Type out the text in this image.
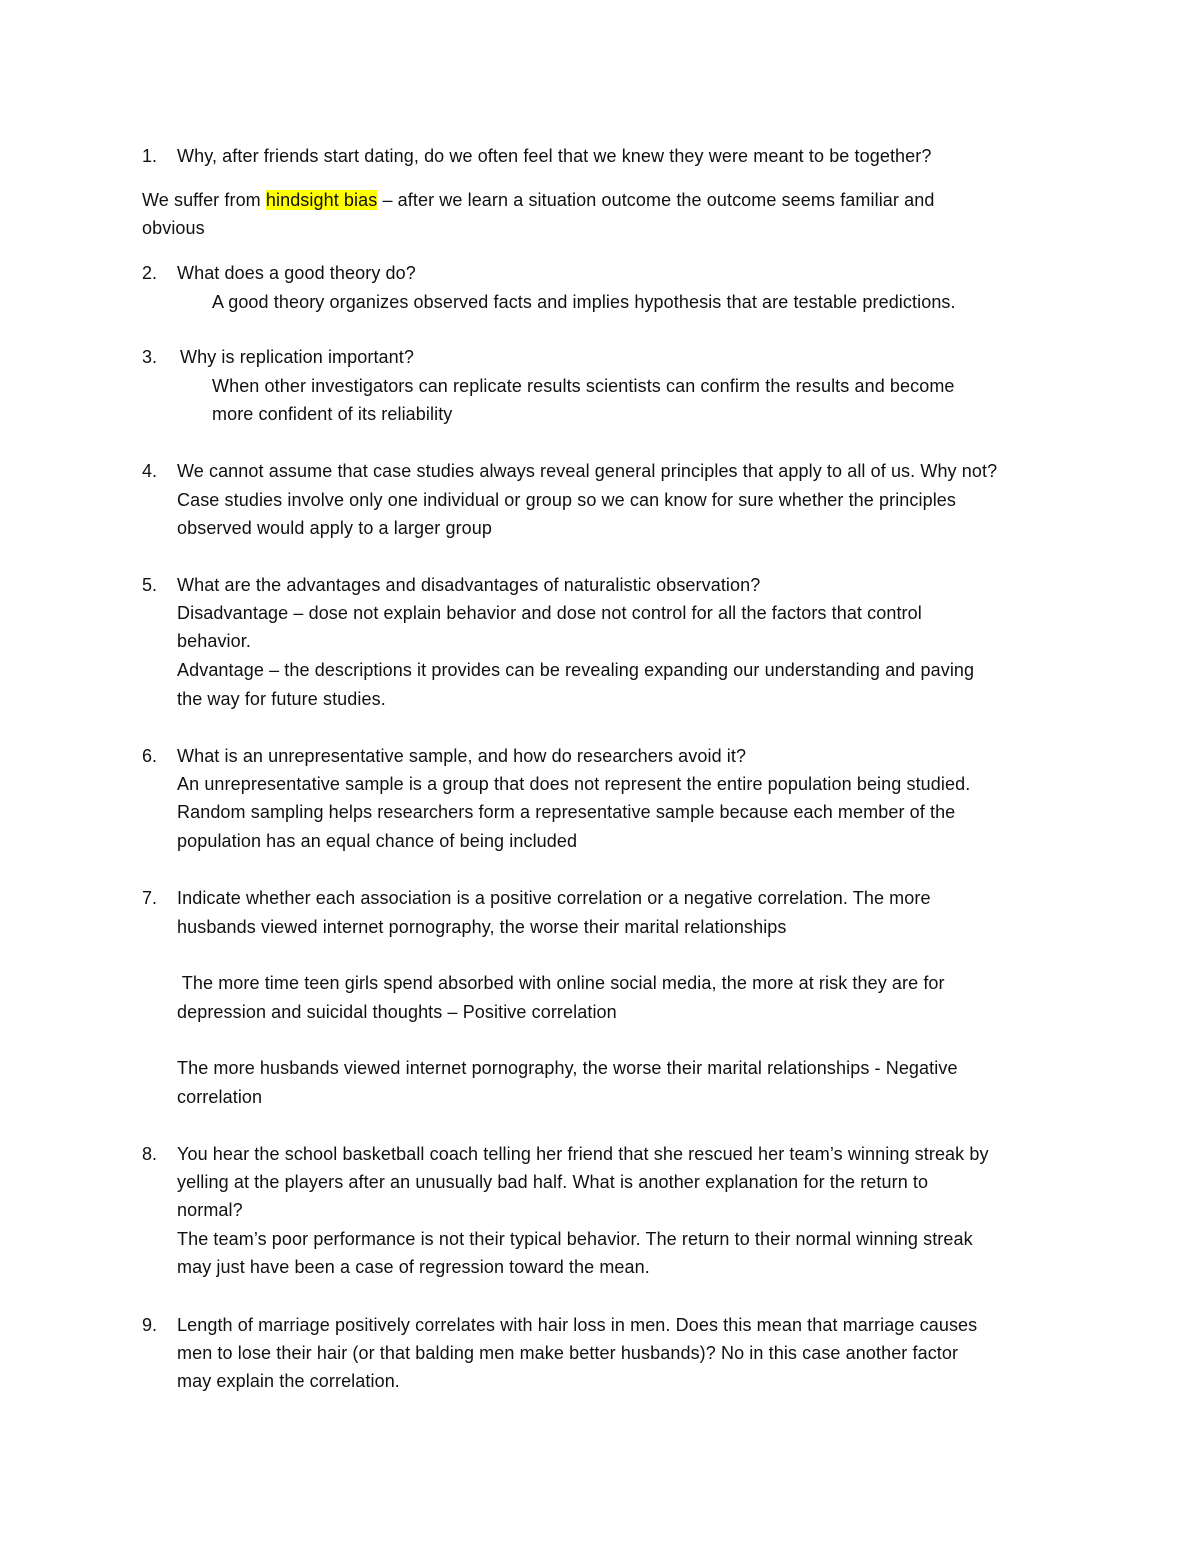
1. Why, after friends start dating, do we often feel that we knew they were meant to be together?
We suffer from hindsight bias – after we learn a situation outcome the outcome seems familiar and
obvious
2. What does a good theory do?
A good theory organizes observed facts and implies hypothesis that are testable predictions.
3. Why is replication important?
When other investigators can replicate results scientists can confirm the results and become
more confident of its reliability
4. We cannot assume that case studies always reveal general principles that apply to all of us. Why not?
Case studies involve only one individual or group so we can know for sure whether the principles
observed would apply to a larger group
5. What are the advantages and disadvantages of naturalistic observation?
Disadvantage – dose not explain behavior and dose not control for all the factors that control
behavior.
Advantage – the descriptions it provides can be revealing expanding our understanding and paving
the way for future studies.
6. What is an unrepresentative sample, and how do researchers avoid it?
An unrepresentative sample is a group that does not represent the entire population being studied.
Random sampling helps researchers form a representative sample because each member of the
population has an equal chance of being included
7. Indicate whether each association is a positive correlation or a negative correlation. The more
husbands viewed internet pornography, the worse their marital relationships
The more time teen girls spend absorbed with online social media, the more at risk they are for
depression and suicidal thoughts – Positive correlation
The more husbands viewed internet pornography, the worse their marital relationships - Negative
correlation
8. You hear the school basketball coach telling her friend that she rescued her team’s winning streak by
yelling at the players after an unusually bad half. What is another explanation for the return to
normal?
The team’s poor performance is not their typical behavior. The return to their normal winning streak
may just have been a case of regression toward the mean.
9. Length of marriage positively correlates with hair loss in men. Does this mean that marriage causes
men to lose their hair (or that balding men make better husbands)? No in this case another factor
may explain the correlation.
